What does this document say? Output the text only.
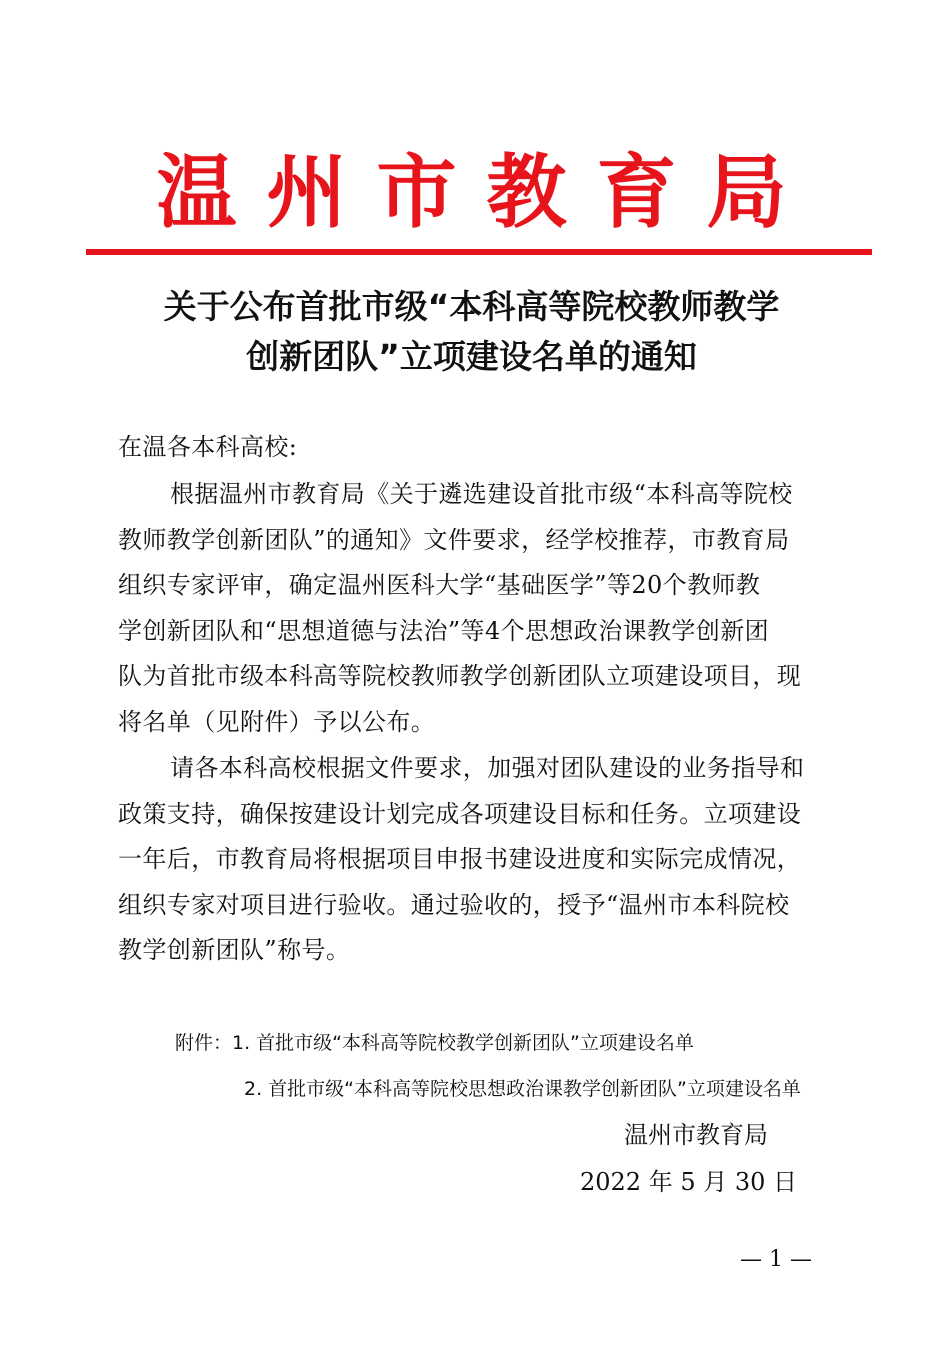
温州市教育局
关于公布首批市级“本科高等院校教师教学
创新团队”立项建设名单的通知
在温各本科高校:
根据温州市教育局《关于遴选建设首批市级“本科高等院校
教师教学创新团队”的通知》文件要求，经学校推荐，市教育局
组织专家评审，确定温州医科大学“基础医学”等20个教师教
学创新团队和“思想道德与法治”等4个思想政治课教学创新团
队为首批市级本科高等院校教师教学创新团队立项建设项目，现
将名单（见附件）予以公布。
请各本科高校根据文件要求，加强对团队建设的业务指导和
政策支持，确保按建设计划完成各项建设目标和任务。立项建设
一年后，市教育局将根据项目申报书建设进度和实际完成情况，
组织专家对项目进行验收。通过验收的，授予“温州市本科院校
教学创新团队”称号。
附件：1. 首批市级“本科高等院校教学创新团队”立项建设名单
2. 首批市级“本科高等院校思想政治课教学创新团队”立项建设名单
温州市教育局
2022 年 5 月 30 日
— 1 —
